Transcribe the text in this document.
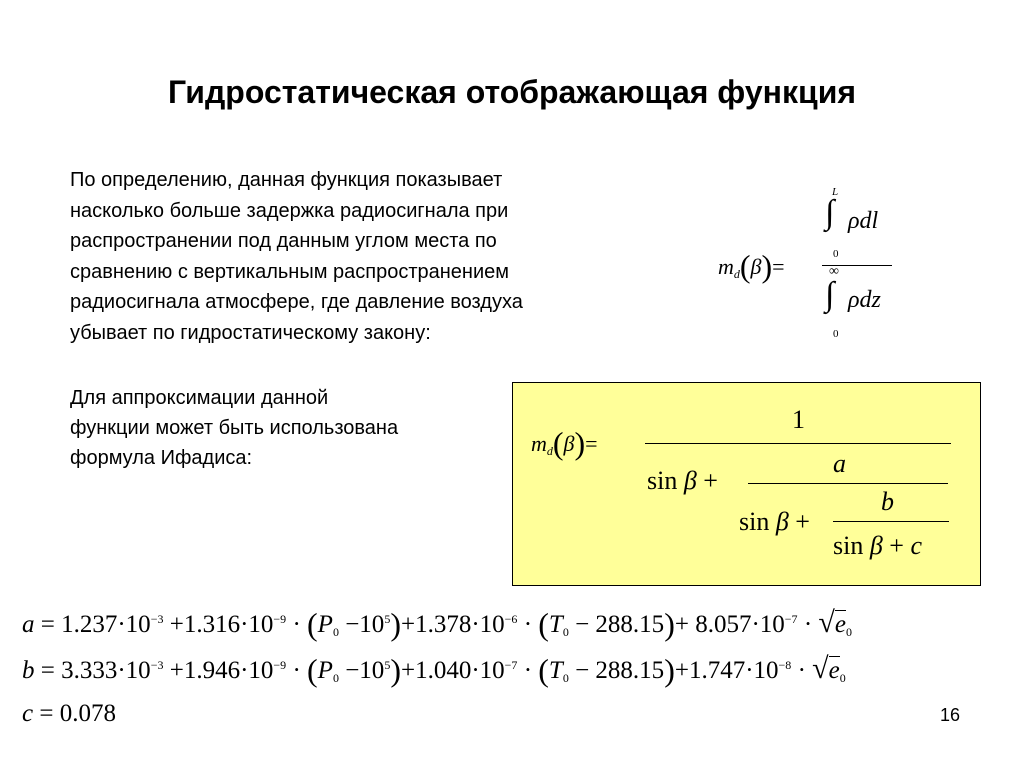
Гидростатическая отображающая функция
По определению, данная функция показывает
насколько больше задержка радиосигнала при
распространении под данным углом места по
сравнению с вертикальным распространением
радиосигнала атмосфере, где давление воздуха
убывает по гидростатическому закону:
Для аппроксимации данной
функции может быть использована
формула Ифадиса:
$m_d(\beta)=$
L
∫ ρdl
0
∞
∫ ρdz
0
$m_d(\beta)=$
1
sin β +
a
sin β +
b
sin β + c
$a = 1.237\cdot 10^{-3} +1.316\cdot 10^{-9} \cdot (P_0 -10^5)+1.378\cdot 10^{-6} \cdot (T_0 - 288.15)+ 8.057\cdot 10^{-7} \cdot √e_0$
$b = 3.333\cdot 10^{-3} +1.946\cdot 10^{-9} \cdot (P_0 -10^5)+1.040\cdot 10^{-7} \cdot (T_0 - 288.15)+1.747\cdot 10^{-8} \cdot √e_0$
c = 0.078	16
